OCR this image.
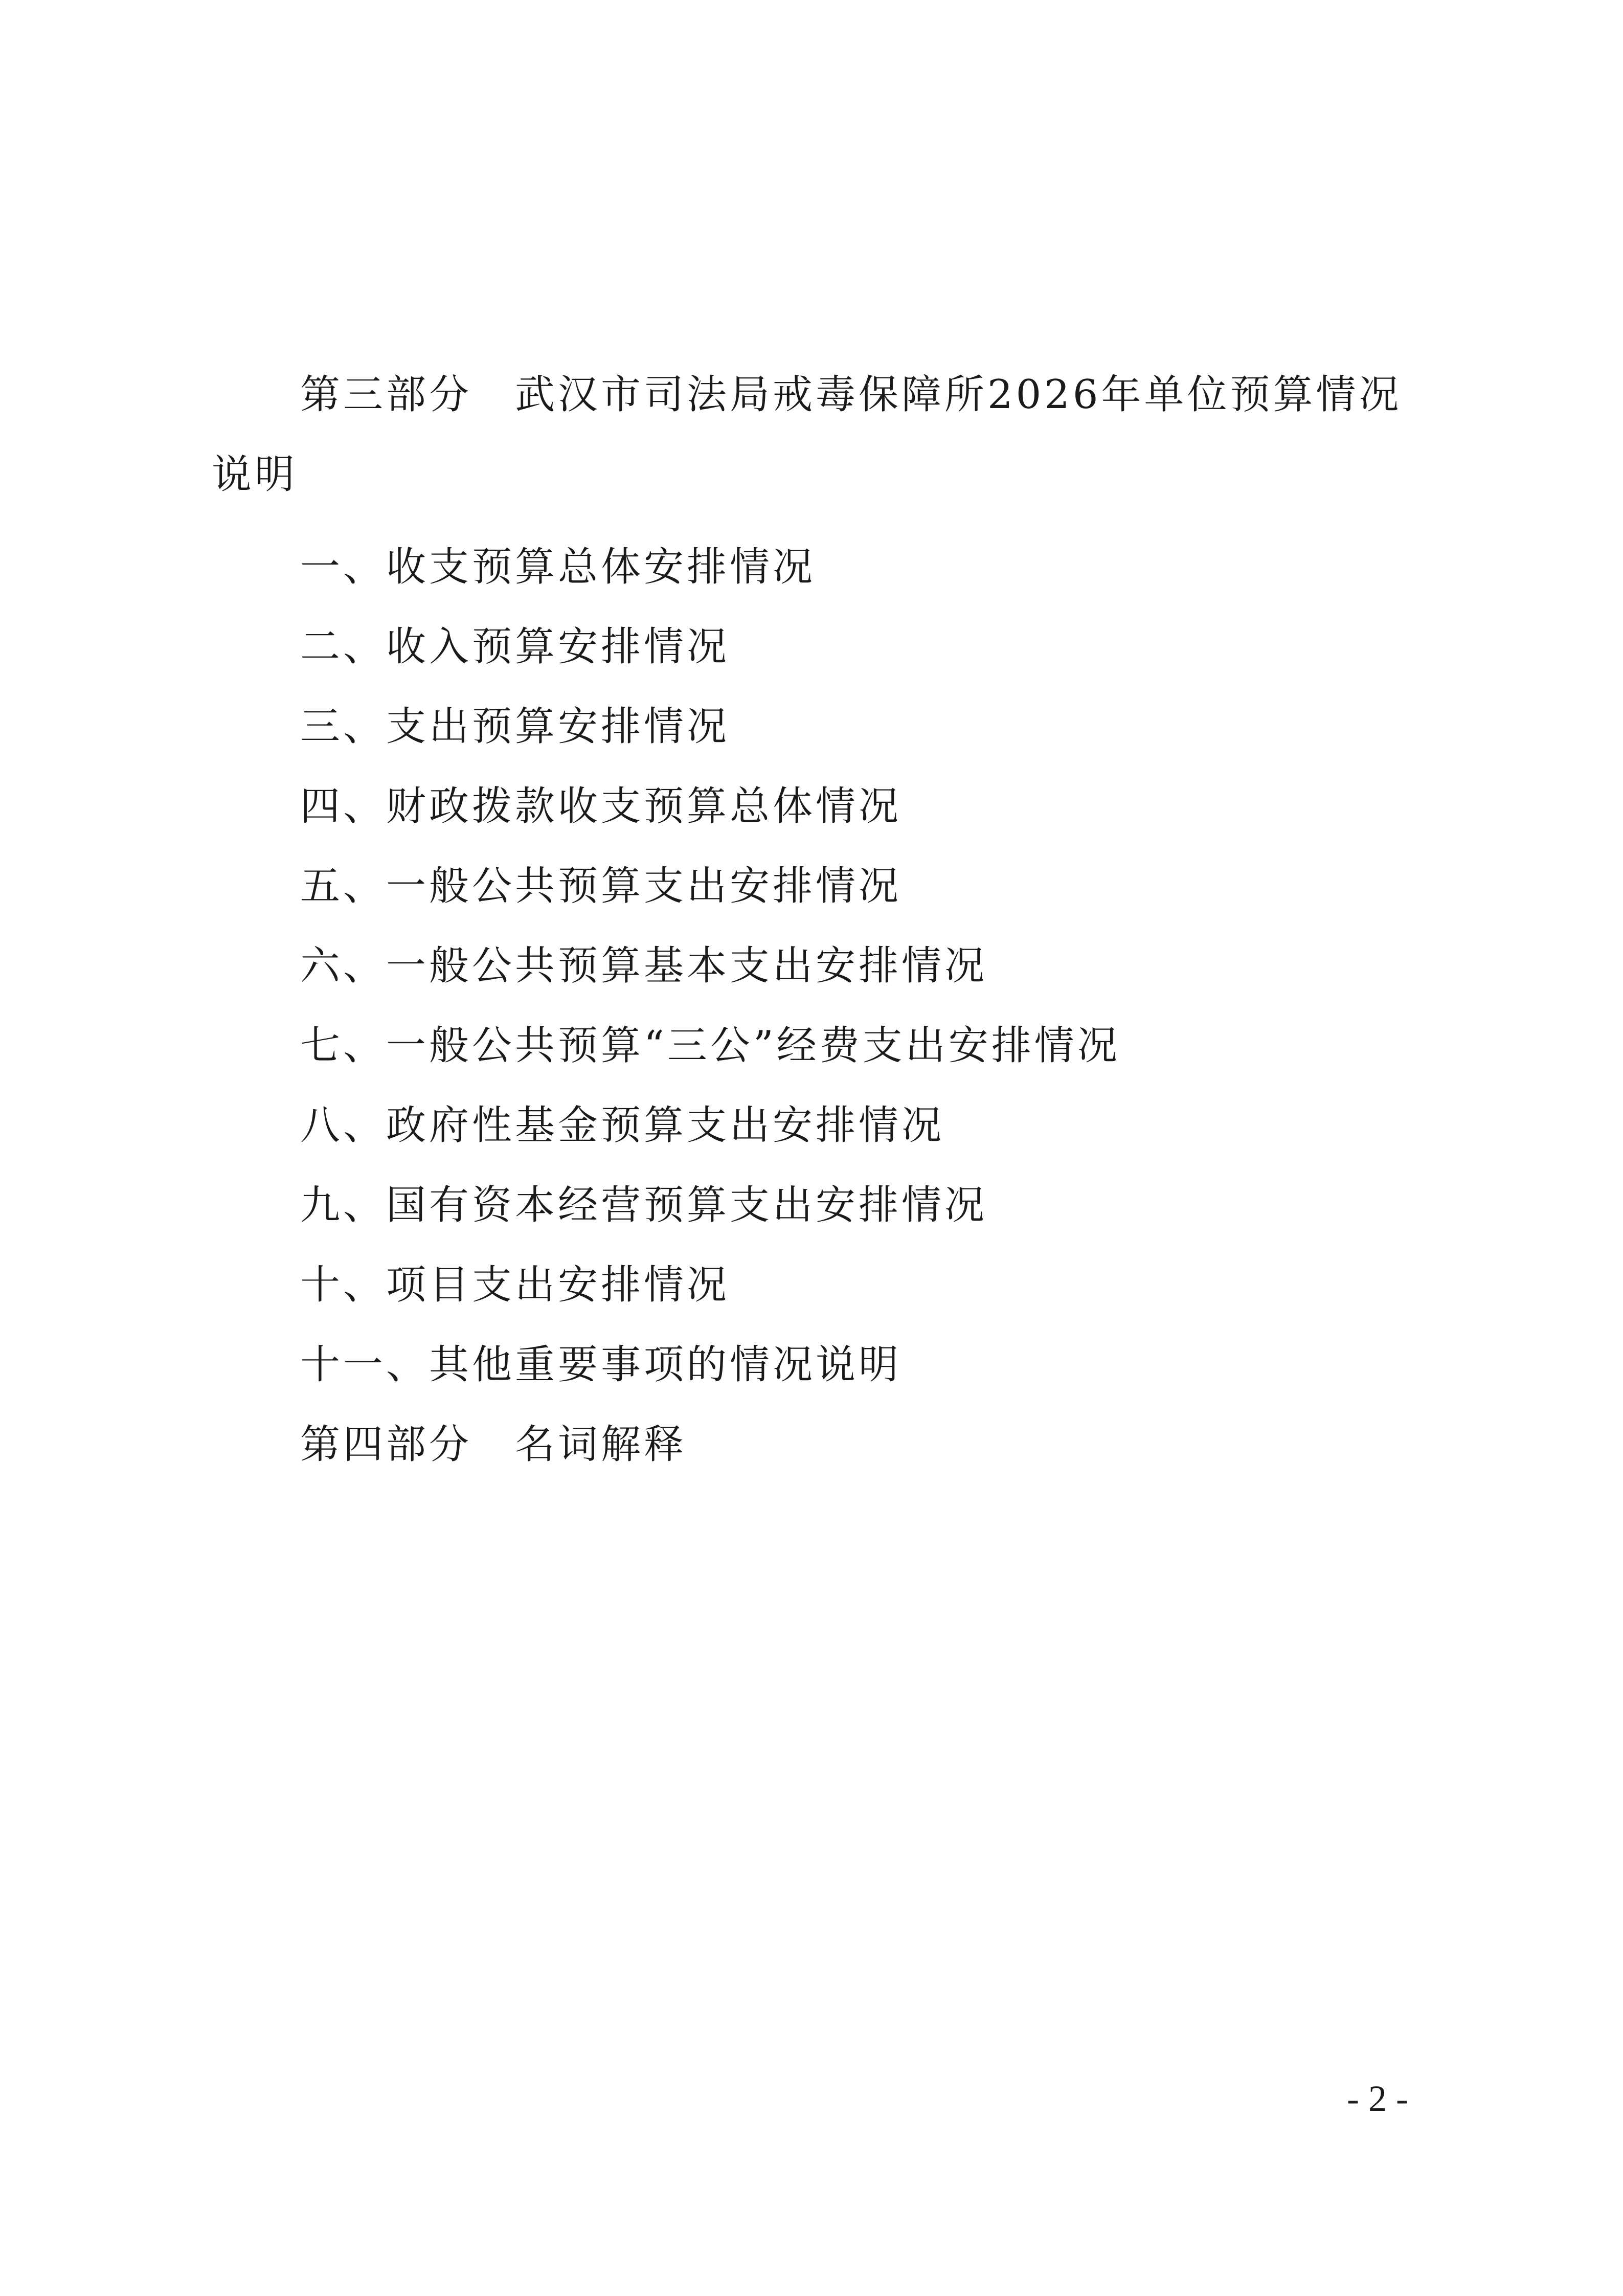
第三部分　武汉市司法局戒毒保障所2026年单位预算情况说明

一、收支预算总体安排情况
二、收入预算安排情况
三、支出预算安排情况
四、财政拨款收支预算总体情况
五、一般公共预算支出安排情况
六、一般公共预算基本支出安排情况
七、一般公共预算“三公”经费支出安排情况
八、政府性基金预算支出安排情况
九、国有资本经营预算支出安排情况
十、项目支出安排情况
十一、其他重要事项的情况说明
第四部分　名词解释
- 2 -
